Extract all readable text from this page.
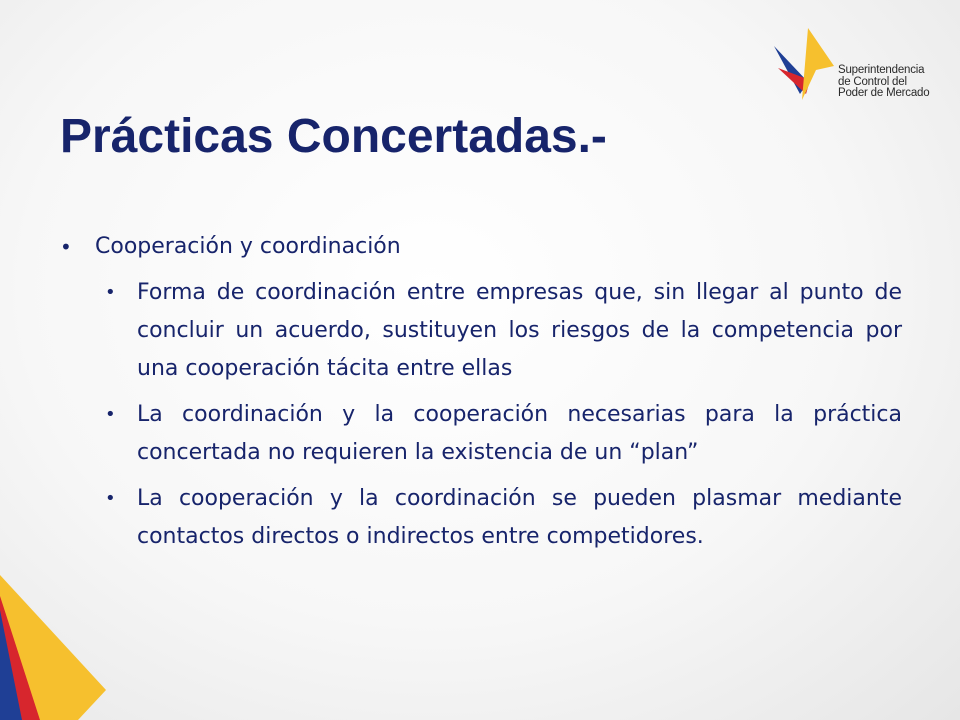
Superintendencia
de Control del
Poder de Mercado
Prácticas Concertadas.-
• Cooperación y coordinación
• Forma de coordinación entre empresas que, sin llegar al punto de concluir un acuerdo, sustituyen los riesgos de la competencia por una cooperación tácita entre ellas
• La coordinación y la cooperación necesarias para la práctica concertada no requieren la existencia de un “plan”
• La cooperación y la coordinación se pueden plasmar mediante contactos directos o indirectos entre competidores.
